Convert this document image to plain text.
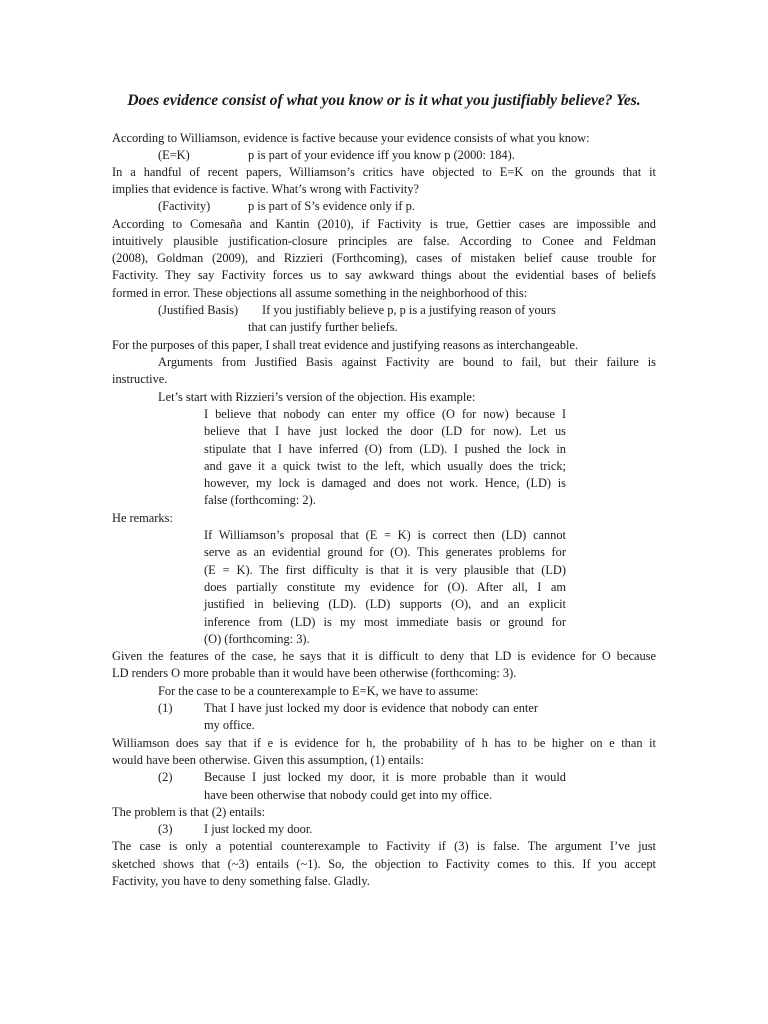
Does evidence consist of what you know or is it what you justifiably believe? Yes.
According to Williamson, evidence is factive because your evidence consists of what you know:
(E=K)	p is part of your evidence iff you know p (2000: 184).
In a handful of recent papers, Williamson’s critics have objected to E=K on the grounds that it
implies that evidence is factive. What’s wrong with Factivity?
(Factivity)	p is part of S’s evidence only if p.
According to Comesaña and Kantin (2010), if Factivity is true, Gettier cases are impossible and
intuitively plausible justification-closure principles are false. According to Conee and Feldman
(2008), Goldman (2009), and Rizzieri (Forthcoming), cases of mistaken belief cause trouble for
Factivity. They say Factivity forces us to say awkward things about the evidential bases of beliefs
formed in error. These objections all assume something in the neighborhood of this:
(Justified Basis) If you justifiably believe p, p is a justifying reason of yours
that can justify further beliefs.
For the purposes of this paper, I shall treat evidence and justifying reasons as interchangeable.
Arguments from Justified Basis against Factivity are bound to fail, but their failure is
instructive.
Let’s start with Rizzieri’s version of the objection. His example:
I believe that nobody can enter my office (O for now) because I
believe that I have just locked the door (LD for now). Let us
stipulate that I have inferred (O) from (LD). I pushed the lock in
and gave it a quick twist to the left, which usually does the trick;
however, my lock is damaged and does not work. Hence, (LD) is
false (forthcoming: 2).
He remarks:
If Williamson’s proposal that (E = K) is correct then (LD) cannot
serve as an evidential ground for (O). This generates problems for
(E = K). The first difficulty is that it is very plausible that (LD)
does partially constitute my evidence for (O). After all, I am
justified in believing (LD). (LD) supports (O), and an explicit
inference from (LD) is my most immediate basis or ground for
(O) (forthcoming: 3).
Given the features of the case, he says that it is difficult to deny that LD is evidence for O because
LD renders O more probable than it would have been otherwise (forthcoming: 3).
For the case to be a counterexample to E=K, we have to assume:
(1)	That I have just locked my door is evidence that nobody can enter
my office.
Williamson does say that if e is evidence for h, the probability of h has to be higher on e than it
would have been otherwise. Given this assumption, (1) entails:
(2)	Because I just locked my door, it is more probable than it would
have been otherwise that nobody could get into my office.
The problem is that (2) entails:
(3)	I just locked my door.
The case is only a potential counterexample to Factivity if (3) is false. The argument I’ve just
sketched shows that (~3) entails (~1). So, the objection to Factivity comes to this. If you accept
Factivity, you have to deny something false. Gladly.
